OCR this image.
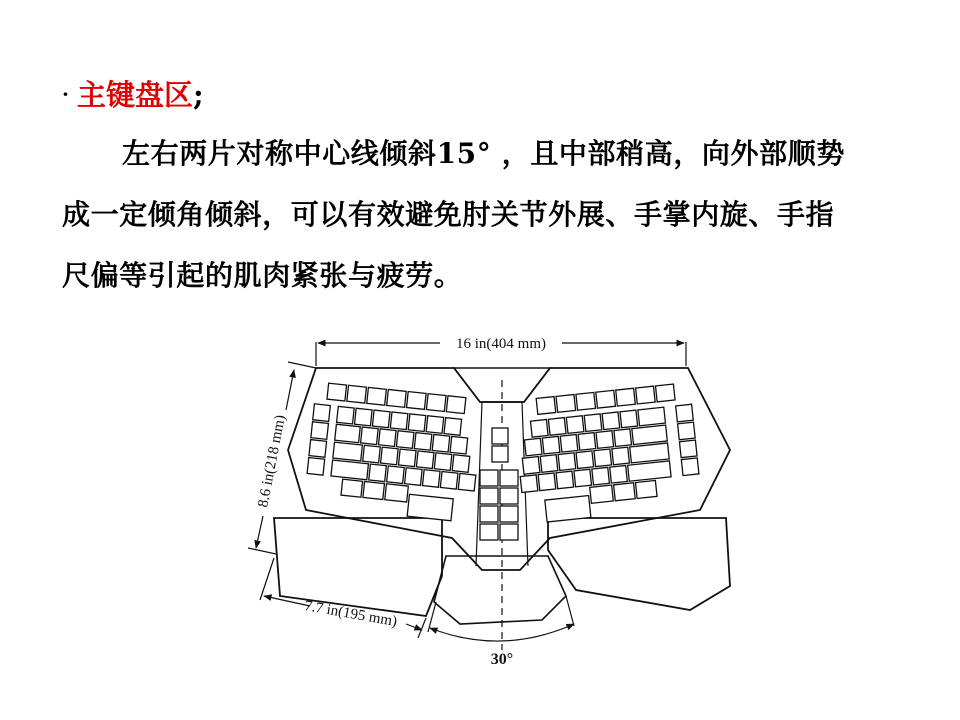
· 主键盘区;
左右两片对称中心线倾斜15° ，且中部稍高，向外部顺势
成一定倾角倾斜，可以有效避免肘关节外展、手掌内旋、手指
尺偏等引起的肌肉紧张与疲劳。
16 in(404 mm)
8.6 in(218 mm)
7.7 in(195 mm)
30°
